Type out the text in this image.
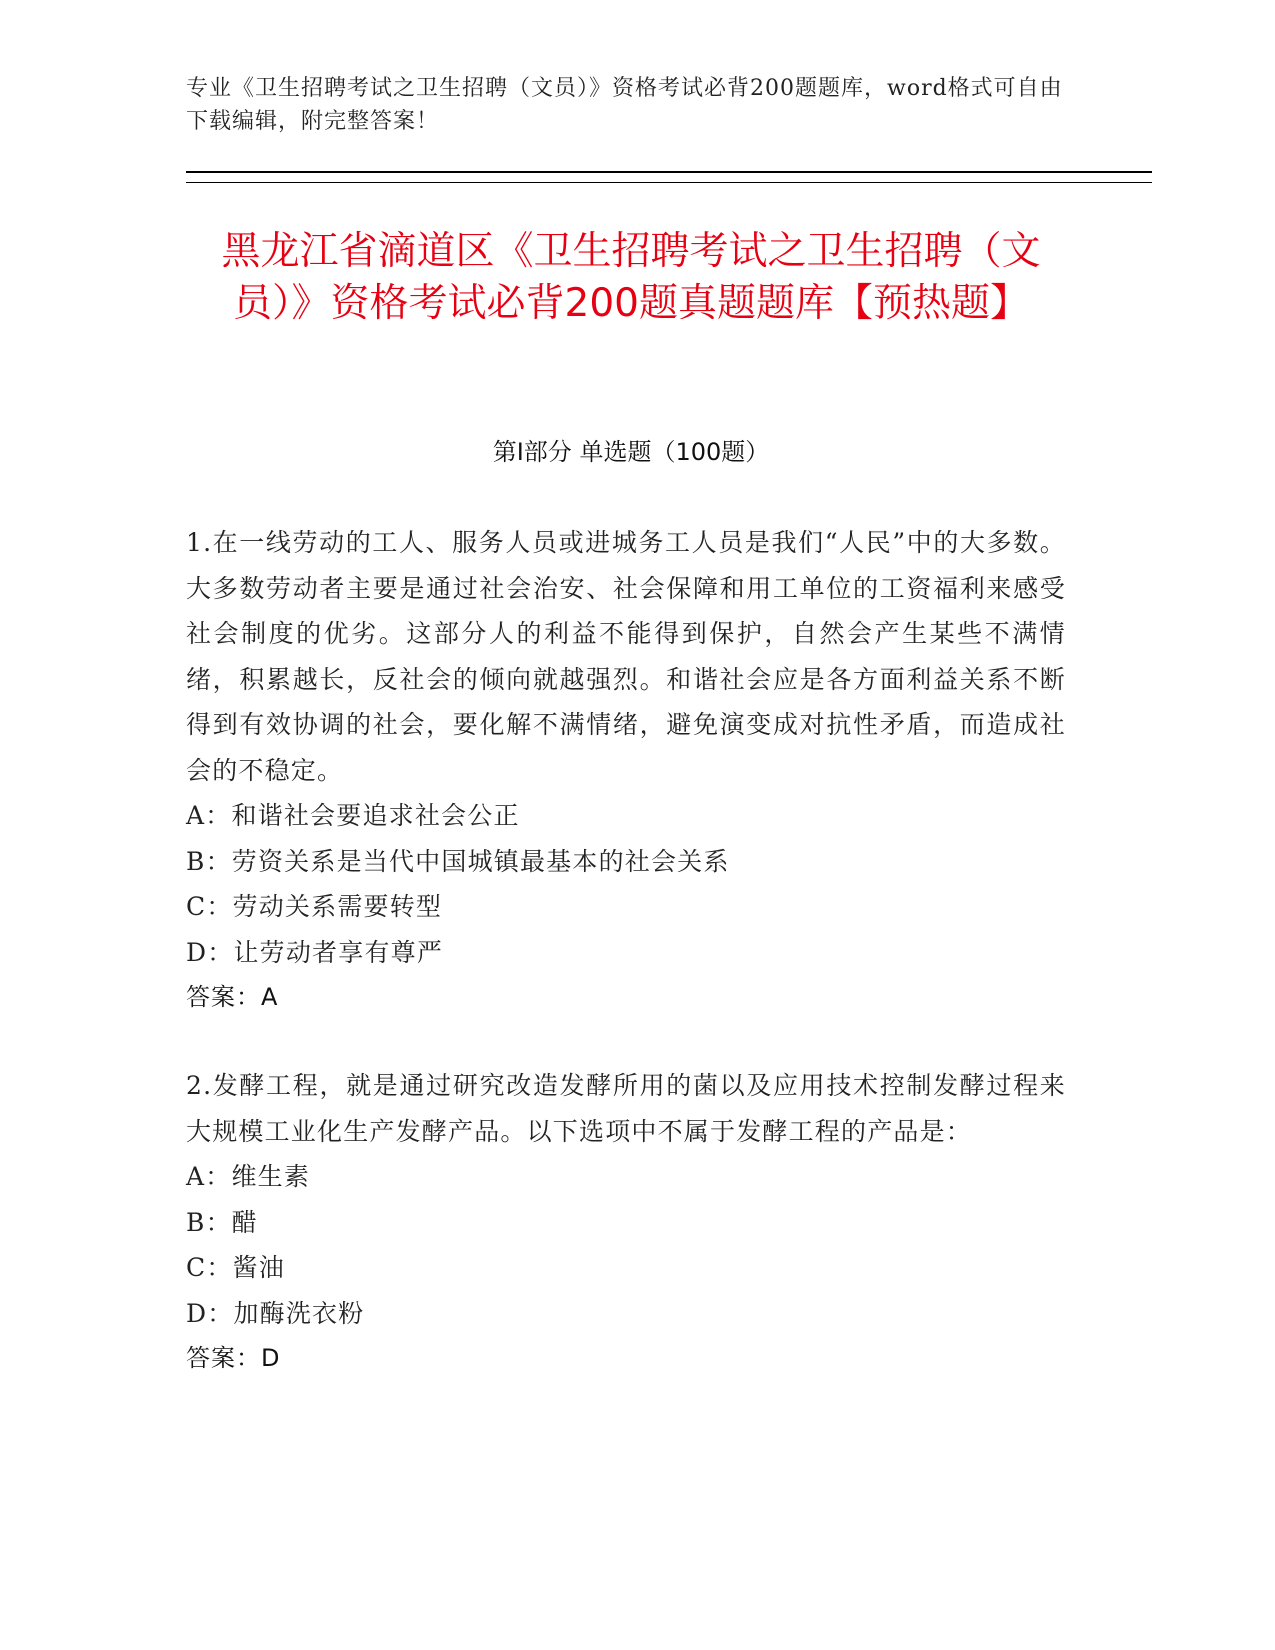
专业《卫生招聘考试之卫生招聘（文员）》资格考试必背200题题库，word格式可自由下载编辑，附完整答案！
黑龙江省滴道区《卫生招聘考试之卫生招聘（文员）》资格考试必背200题真题题库【预热题】
第Ⅰ部分 单选题（100题）

1.在一线劳动的工人、服务人员或进城务工人员是我们“人民”中的大多数。大多数劳动者主要是通过社会治安、社会保障和用工单位的工资福利来感受社会制度的优劣。这部分人的利益不能得到保护，自然会产生某些不满情绪，积累越长，反社会的倾向就越强烈。和谐社会应是各方面利益关系不断得到有效协调的社会，要化解不满情绪，避免演变成对抗性矛盾，而造成社会的不稳定。

A：和谐社会要追求社会公正

B：劳资关系是当代中国城镇最基本的社会关系

C：劳动关系需要转型

D：让劳动者享有尊严

答案：A

2.发酵工程，就是通过研究改造发酵所用的菌以及应用技术控制发酵过程来大规模工业化生产发酵产品。以下选项中不属于发酵工程的产品是：

A：维生素

B：醋

C：酱油

D：加酶洗衣粉

答案：D
